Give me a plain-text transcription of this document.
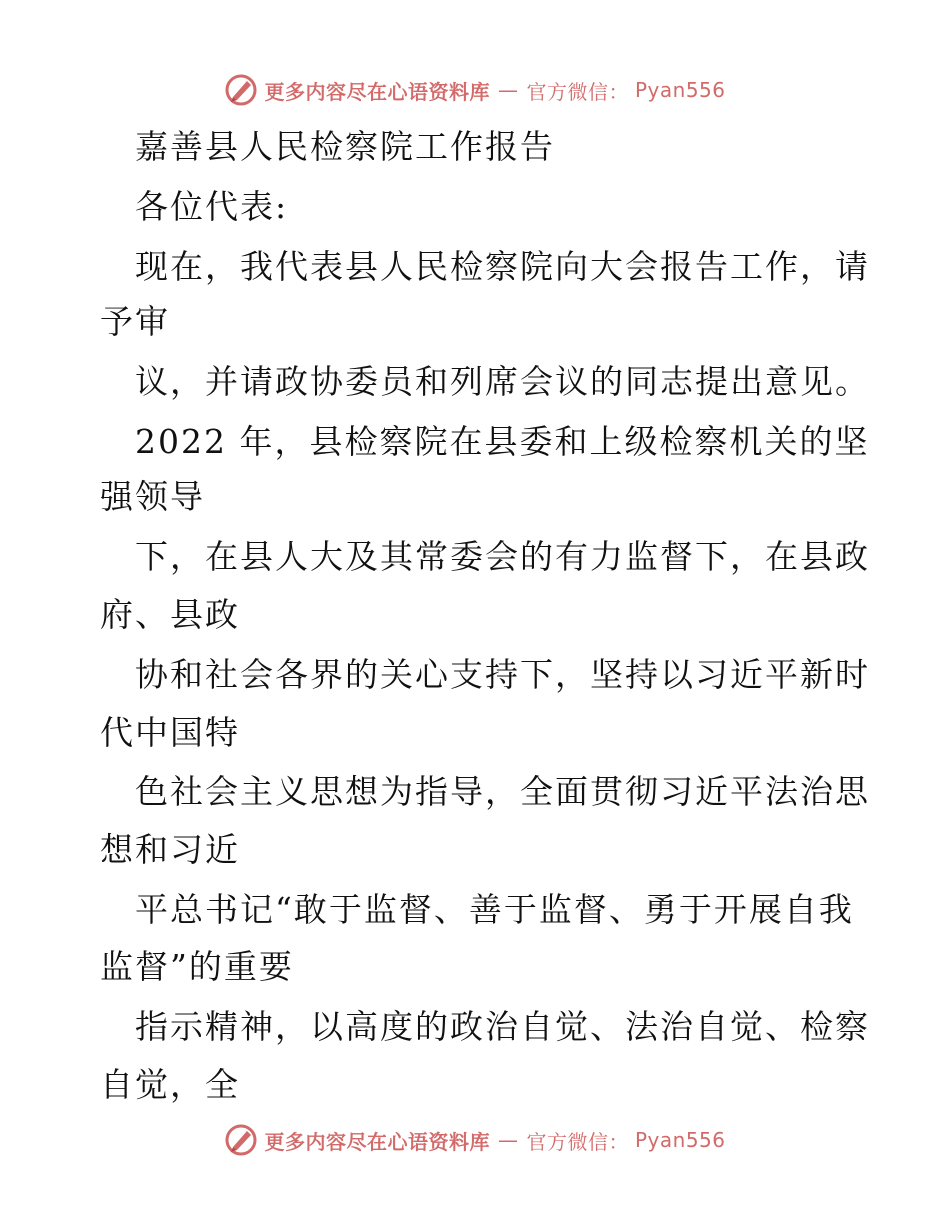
更多内容尽在心语资料库 — 官方微信： Pyan556
嘉善县人民检察院工作报告
各位代表:
现在，我代表县人民检察院向大会报告工作，请
予审
议，并请政协委员和列席会议的同志提出意见。
2022 年，县检察院在县委和上级检察机关的坚
强领导
下，在县人大及其常委会的有力监督下，在县政
府、县政
协和社会各界的关心支持下，坚持以习近平新时
代中国特
色社会主义思想为指导，全面贯彻习近平法治思
想和习近
平总书记“敢于监督、善于监督、勇于开展自我
监督”的重要
指示精神，以高度的政治自觉、法治自觉、检察
自觉，全
更多内容尽在心语资料库 — 官方微信： Pyan556
